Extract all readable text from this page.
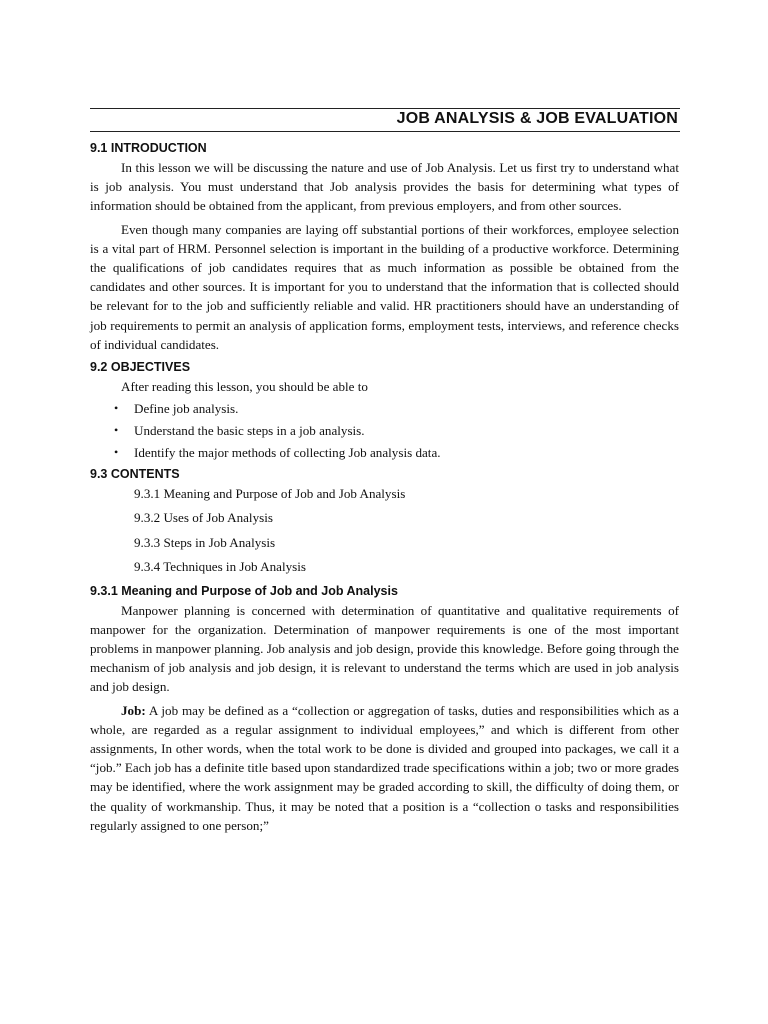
JOB ANALYSIS & JOB EVALUATION
9.1 INTRODUCTION

In this lesson we will be discussing the nature and use of Job Analysis. Let us first try to understand what is job analysis. You must understand that Job analysis provides the basis for determining what types of information should be obtained from the applicant, from previous employers, and from other sources.

Even though many companies are laying off substantial portions of their workforces, employee selection is a vital part of HRM. Personnel selection is important in the building of a productive workforce. Determining the qualifications of job candidates requires that as much information as possible be obtained from the candidates and other sources. It is important for you to understand that the information that is collected should be relevant for to the job and sufficiently reliable and valid. HR practitioners should have an understanding of job requirements to permit an analysis of application forms, employment tests, interviews, and reference checks of individual candidates.

9.2 OBJECTIVES
After reading this lesson, you should be able to
• Define job analysis.
• Understand the basic steps in a job analysis.
• Identify the major methods of collecting Job analysis data.
9.3 CONTENTS
9.3.1 Meaning and Purpose of Job and Job Analysis
9.3.2 Uses of Job Analysis
9.3.3 Steps in Job Analysis
9.3.4 Techniques in Job Analysis
9.3.1 Meaning and Purpose of Job and Job Analysis

Manpower planning is concerned with determination of quantitative and qualitative requirements of manpower for the organization. Determination of manpower requirements is one of the most important problems in manpower planning. Job analysis and job design, provide this knowledge. Before going through the mechanism of job analysis and job design, it is relevant to understand the terms which are used in job analysis and job design.

Job: A job may be defined as a “collection or aggregation of tasks, duties and responsibilities which as a whole, are regarded as a regular assignment to individual employees,” and which is different from other assignments, In other words, when the total work to be done is divided and grouped into packages, we call it a “job.” Each job has a definite title based upon standardized trade specifications within a job; two or more grades may be identified, where the work assignment may be graded according to skill, the difficulty of doing them, or the quality of workmanship. Thus, it may be noted that a position is a “collection o tasks and responsibilities regularly assigned to one person;”
